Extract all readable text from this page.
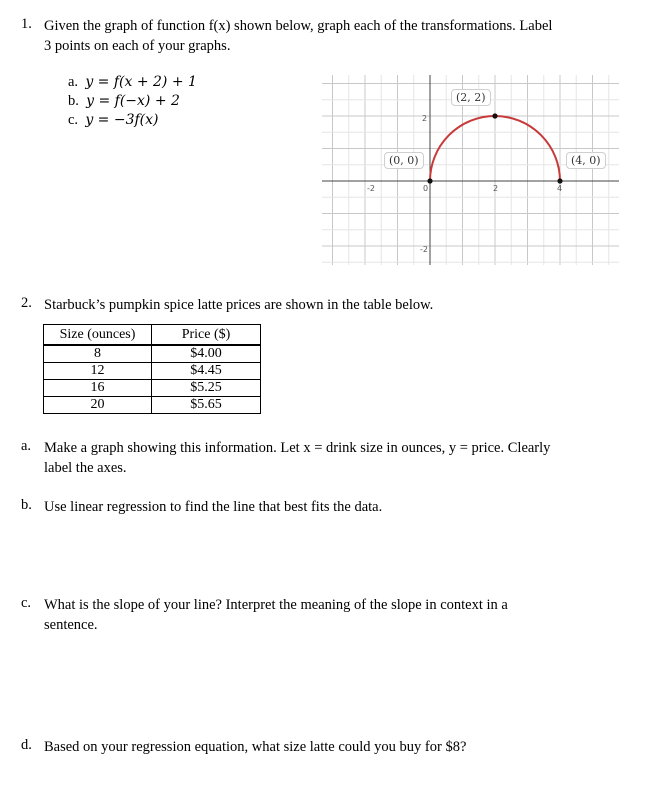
1. Given the graph of function f(x) shown below, graph each of the transformations. Label
3 points on each of your graphs.
a. y = f(x + 2) + 1
b. y = f(−x) + 2
c. y = −3f(x)
-2	0	2	4
2
-2
(2, 2)
(0, 0)	(4, 0)
2. Starbuck’s pumpkin spice latte prices are shown in the table below.
Size (ounces)	Price ($)
8	$4.00
12	$4.45
16	$5.25
20	$5.65
a. Make a graph showing this information. Let x = drink size in ounces, y = price. Clearly
label the axes.
b. Use linear regression to find the line that best fits the data.
c. What is the slope of your line? Interpret the meaning of the slope in context in a
sentence.
d. Based on your regression equation, what size latte could you buy for $8?
